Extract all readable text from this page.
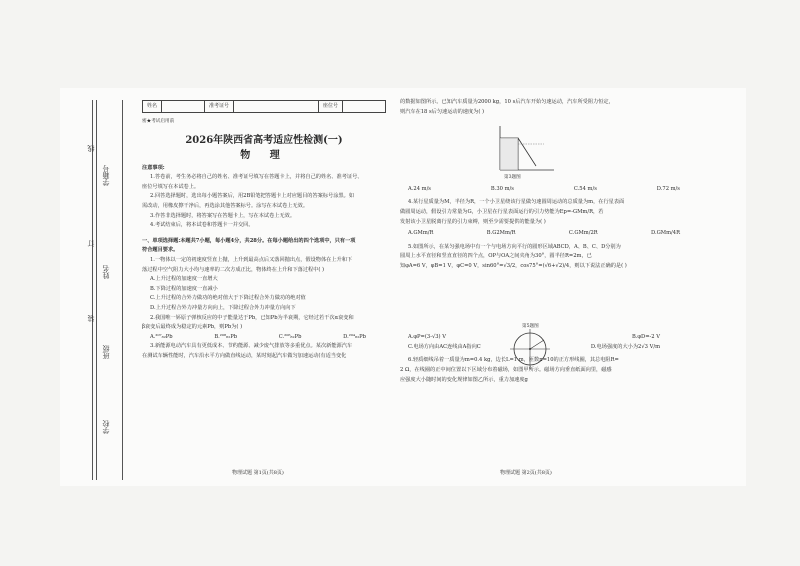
学校
班级
姓名
学籍号
线
订
装
姓名	准考证号	座位号

密★考试启用前

2026年陕西省高考适应性检测(一)
物 理

注意事项:

1.答卷前，考生务必将自己的姓名、准考证号填写在答题卡上，并将自己的姓名、准考证号、

座位号填写在本试卷上。

2.回答选择题时，选出每小题答案后，用2B铅笔把答题卡上对应题目的答案标号涂黑。如

需改动，用橡皮擦干净后，再选涂其他答案标号。涂写在本试卷上无效。

3.作答非选择题时，将答案写在答题卡上，写在本试卷上无效。

4.考试结束后，将本试卷和答题卡一并交回。

一、单项选择题:本题共7小题，每小题4分，共28分。在每小题给出的四个选项中，只有一项

符合题目要求。

1.一物体以一定的初速度竖直上抛，上升到最高点后又落回抛出点，假设物体在上升和下

落过程中空气阻力大小均与速率的二次方成正比，物体终在上升和下落过程中( )

A.上升过程的加速度一直增大

B.下降过程的加速度一直减小

C.上升过程的合外力做功的绝对值大于下降过程合外力做功的绝对值

D.上升过程合外力冲量方向向上，下降过程合外力冲量方向向下

2.我国唯一钚原子弹核反应的中子能量达于Pb，已知Pb为半衰期，它经过若干次α衰变和

β衰变后最终成为稳定的元素Pb，则Pb为( )

A.²⁰⁷₈₂Pb	B.²⁰⁸₈₂Pb	C.²⁰⁶₈₂Pb	D.²⁰⁴₈₂Pb

3.新能源电动汽车具有更低成本、节约能源、减少废气排放等多重优点。某次新能源汽车

在测试车辆性能时，汽车沿水平方向做直线运动，某时刻起汽车做匀加速运动(有适当变化

物理试题 第1页(共8页)

的数据如图所示。已知汽车质量为2000 kg，10 s后汽车开始匀速运动，汽车所受阻力恒定，

则汽车在18 s后匀速运动的速度为( )

第3题图

A.24 m/s	B.30 m/s	C.54 m/s	D.72 m/s

4.某行星质量为M，半径为R，一个小卫星绕该行星做匀速圆周运动的总质量为m，在行星表面

做圆周运动，假设引力常量为G，小卫星在行星表面运行的引力势能为Ep=-GMm/R，若

发射该小卫星脱离行星的引力束缚，则至少需要提供的能量为( )

A.GMm/R	B.G2Mm/R	C.GMm/2R	D.GMm/4R

5.如图所示，在某匀强电场中有一个与电场方向平行的圆形区域ABCD，A、B、C、D分别为

圆周上水平直径和竖直直径的四个点，OP与OA之间夹角为30°，圆半径R=2m，已

知φA=6 V，φB=1 V，φC=0 V，sin60°=√3/2，cos75°=(√6+√2)/4，则以下说法正确的是( )

第5题图

A.φP=(3-√3) V	B.φD=-2 V
C.电场方向由AC连线由A指向C	D.电场强度的大小为2√3 V/m

6.轻质细线吊着一质量为m=0.4 kg，边长L=1 m，匝数n=10的正方形线圈，其总电阻R=

2 Ω，在线圈的正中间位置以下区域分布着磁场，如图甲所示。磁场方向垂直纸面向里，磁感

应强度大小随时间的变化规律如图乙所示，重力加速度g

物理试题 第2页(共8页)
